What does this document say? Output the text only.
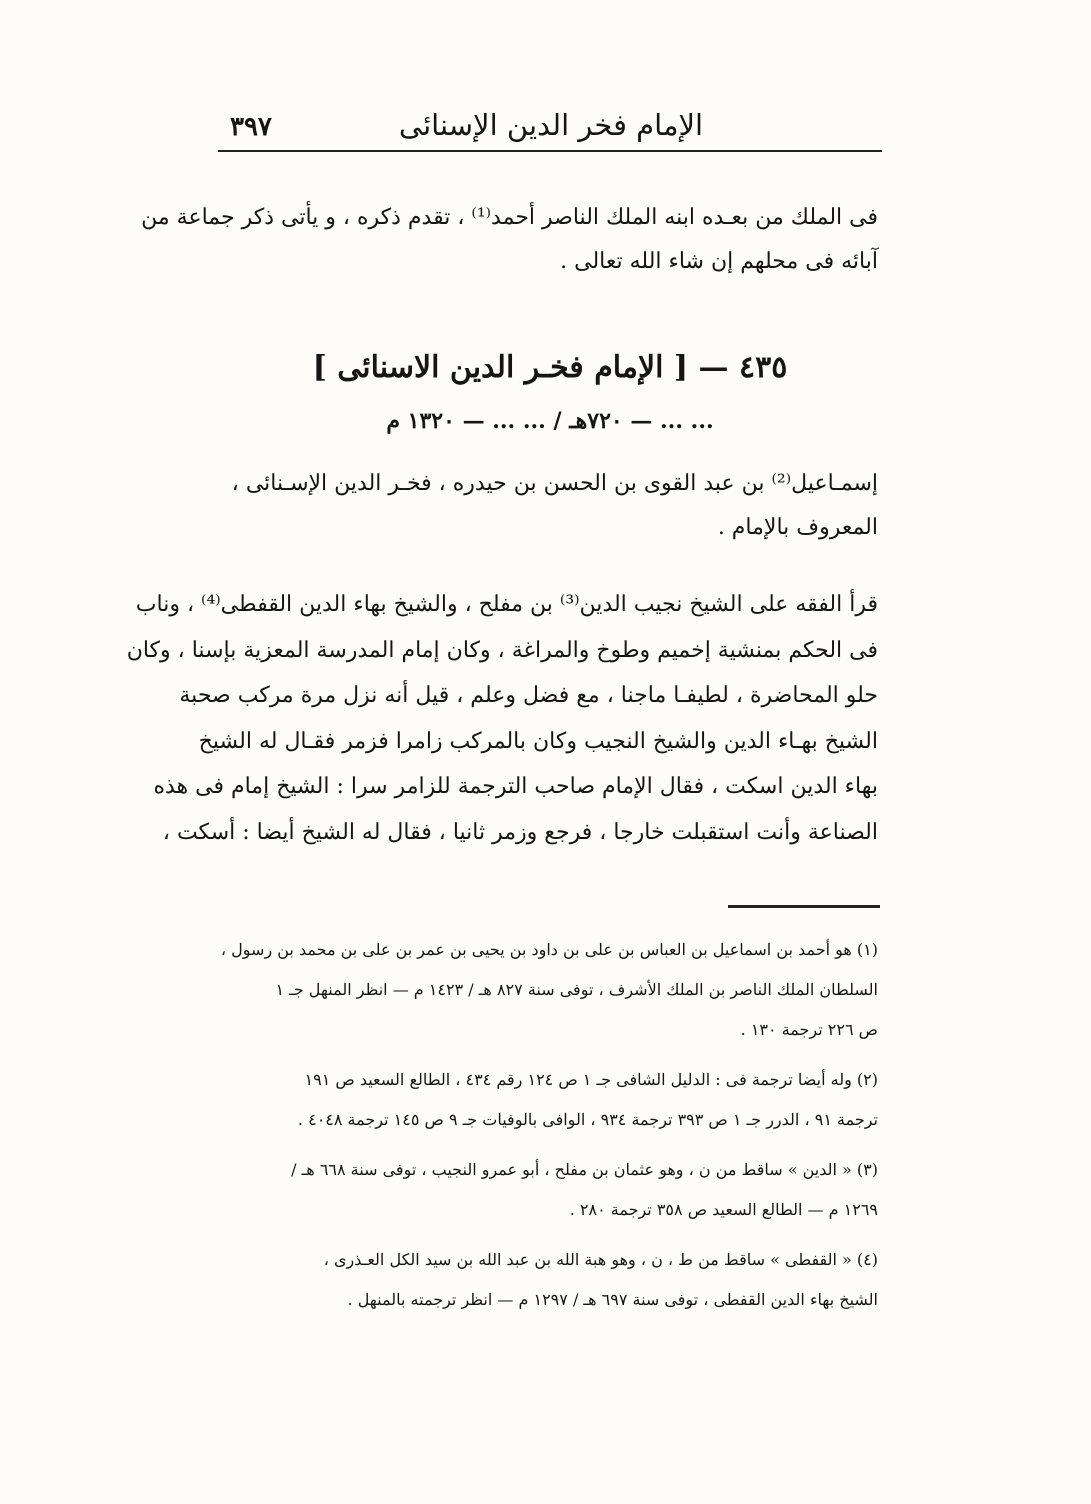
٣٩٧	الإمام فخر الدين الإسنائى
فى الملك من بعـده ابنه الملك الناصر أحمد⁽¹⁾ ، تقدم ذكره ، و يأتى ذكر جماعة من
آبائه فى محلهم إن شاء الله تعالى .
٤٣٥ — [ الإمام فخـر الدين الاسنائى ]
... ... — ٧٢٠هـ / ... ... — ١٣٢٠ م
إسمـاعيل⁽²⁾ بن عبد القوى بن الحسن بن حيدره ، فخـر الدين الإسـنائى ،
المعروف بالإمام .
قرأ الفقه على الشيخ نجيب الدين⁽³⁾ بن مفلح ، والشيخ بهاء الدين القفطى⁽⁴⁾ ، وناب
فى الحكم بمنشية إخميم وطوخ والمراغة ، وكان إمام المدرسة المعزية بإسنا ، وكان
حلو المحاضرة ، لطيفـا ماجنا ، مع فضل وعلم ، قيل أنه نزل مرة مركب صحبة
الشيخ بهـاء الدين والشيخ النجيب وكان بالمركب زامرا فزمر فقـال له الشيخ
بهاء الدين اسكت ، فقال الإمام صاحب الترجمة للزامر سرا : الشيخ إمام فى هذه
الصناعة وأنت استقبلت خارجا ، فرجع وزمر ثانيا ، فقال له الشيخ أيضا : أسكت ،
(١) هو أحمد بن اسماعيل بن العباس بن على بن داود بن يحيى بن عمر بن على بن محمد بن رسول ،
السلطان الملك الناصر بن الملك الأشرف ، توفى سنة ٨٢٧ هـ / ١٤٢٣ م — انظر المنهل جـ ١
ص ٢٢٦ ترجمة ١٣٠ .
(٢) وله أيضا ترجمة فى : الدليل الشافى جـ ١ ص ١٢٤ رقم ٤٣٤ ، الطالع السعيد ص ١٩١
ترجمة ٩١ ، الدرر جـ ١ ص ٣٩٣ ترجمة ٩٣٤ ، الوافى بالوفيات جـ ٩ ص ١٤٥ ترجمة ٤٠٤٨ .
(٣) « الدين » ساقط من ن ، وهو عثمان بن مفلح ، أبو عمرو النجيب ، توفى سنة ٦٦٨ هـ /
١٢٦٩ م — الطالع السعيد ص ٣٥٨ ترجمة ٢٨٠ .
(٤) « القفطى » ساقط من ط ، ن ، وهو هبة الله بن عبد الله بن سيد الكل العـذرى ،
الشيخ بهاء الدين القفطى ، توفى سنة ٦٩٧ هـ / ١٢٩٧ م — انظر ترجمته بالمنهل .
